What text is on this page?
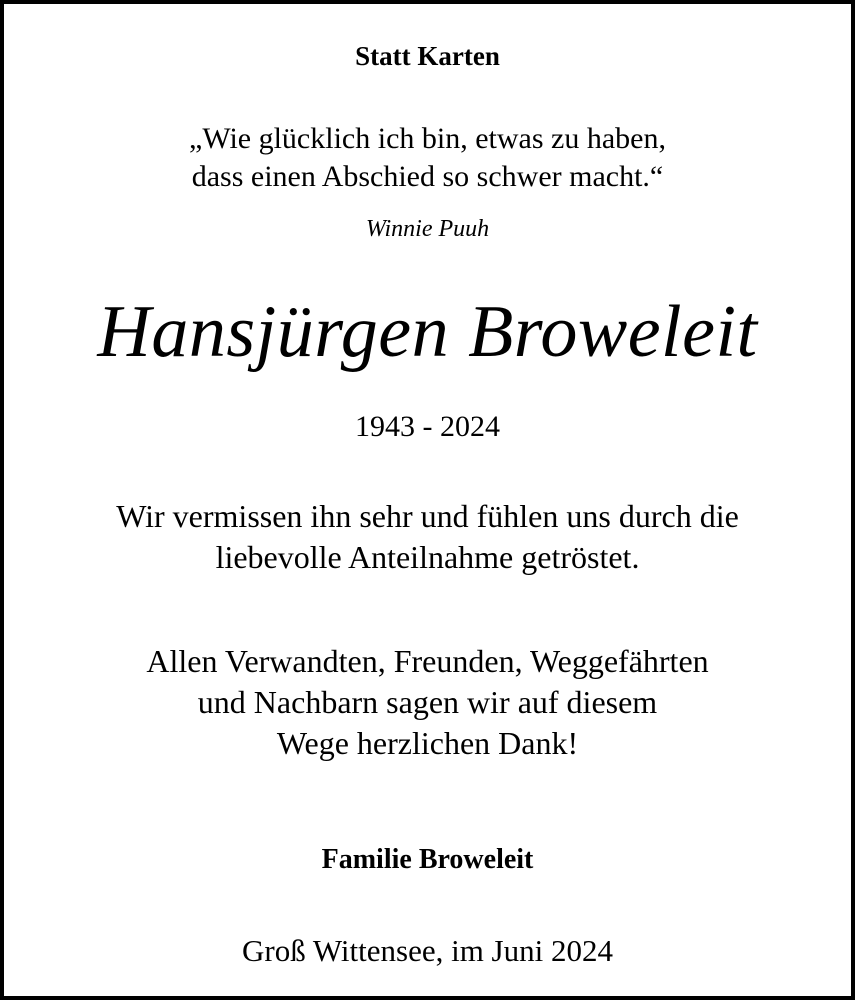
Statt Karten
„Wie glücklich ich bin, etwas zu haben,
dass einen Abschied so schwer macht.“
Winnie Puuh
Hansjürgen Broweleit
1943 - 2024
Wir vermissen ihn sehr und fühlen uns durch die
liebevolle Anteilnahme getröstet.
Allen Verwandten, Freunden, Weggefährten
und Nachbarn sagen wir auf diesem
Wege herzlichen Dank!
Familie Broweleit
Groß Wittensee, im Juni 2024
